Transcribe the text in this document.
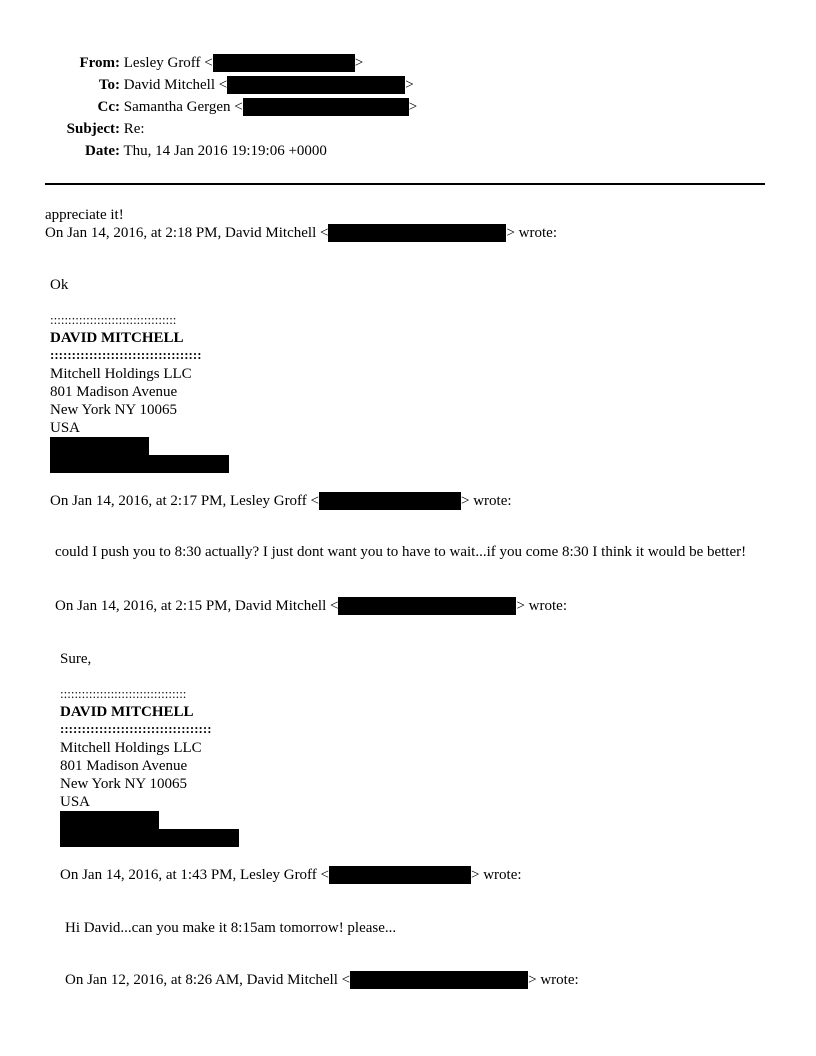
From: Lesley Groff <	>
To: David Mitchell <	>
Cc: Samantha Gergen <	>
Subject: Re:
Date: Thu, 14 Jan 2016 19:19:06 +0000
appreciate it!
On Jan 14, 2016, at 2:18 PM, David Mitchell <	> wrote:
Ok
:::::::::::::::::::::::::::::::::::
DAVID MITCHELL
:::::::::::::::::::::::::::::::::::
Mitchell Holdings LLC
801 Madison Avenue
New York NY 10065
USA
On Jan 14, 2016, at 2:17 PM, Lesley Groff <	> wrote:
could I push you to 8:30 actually? I just dont want you to have to wait...if you come 8:30 I think it would be better!
On Jan 14, 2016, at 2:15 PM, David Mitchell <	> wrote:
Sure,
:::::::::::::::::::::::::::::::::::
DAVID MITCHELL
:::::::::::::::::::::::::::::::::::
Mitchell Holdings LLC
801 Madison Avenue
New York NY 10065
USA
On Jan 14, 2016, at 1:43 PM, Lesley Groff <	> wrote:
Hi David...can you make it 8:15am tomorrow! please...
On Jan 12, 2016, at 8:26 AM, David Mitchell <	> wrote:
